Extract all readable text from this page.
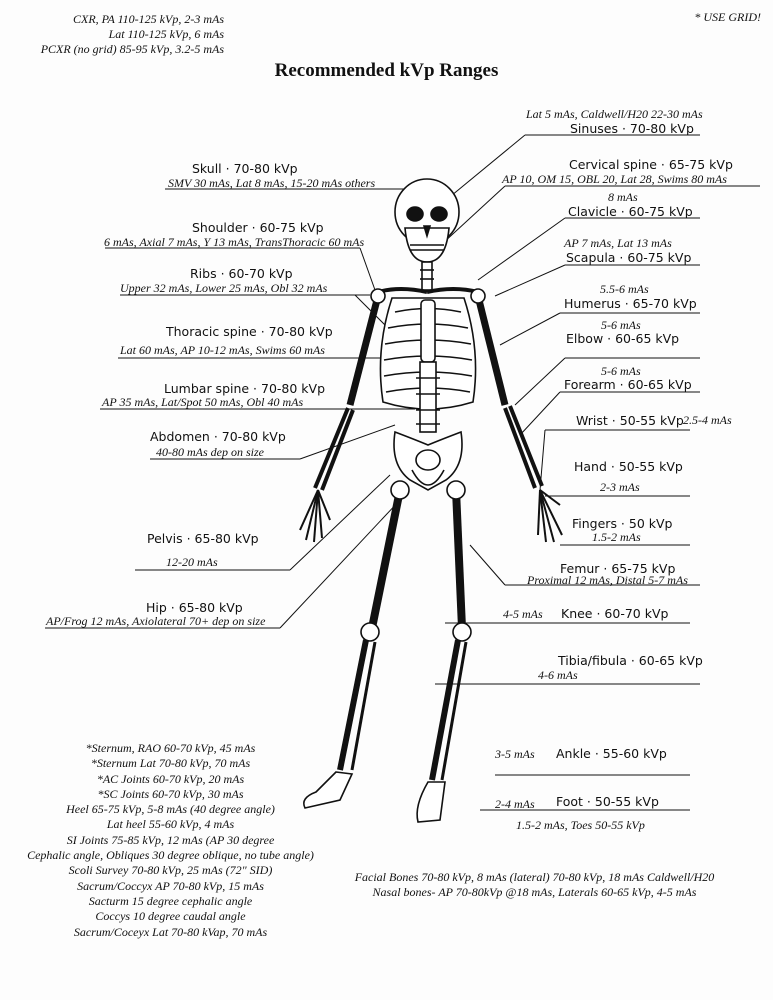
CXR, PA 110-125 kVp, 2-3 mAs
Lat 110-125 kVp, 6 mAs
PCXR (no grid) 85-95 kVp, 3.2-5 mAs
* USE GRID!
Recommended kVp Ranges
Skull · 70-80 kVp
SMV 30 mAs, Lat 8 mAs, 15-20 mAs others
Shoulder · 60-75 kVp
6 mAs, Axial 7 mAs, Y 13 mAs, TransThoracic 60 mAs
Ribs · 60-70 kVp
Upper 32 mAs, Lower 25 mAs, Obl 32 mAs
Thoracic spine · 70-80 kVp
Lat 60 mAs, AP 10-12 mAs, Swims 60 mAs
Lumbar spine · 70-80 kVp
AP 35 mAs, Lat/Spot 50 mAs, Obl 40 mAs
Abdomen · 70-80 kVp
40-80 mAs dep on size
Pelvis · 65-80 kVp
12-20 mAs
Hip · 65-80 kVp
AP/Frog 12 mAs, Axiolateral 70+ dep on size
Lat 5 mAs, Caldwell/H20 22-30 mAs
Sinuses · 70-80 kVp
Cervical spine · 65-75 kVp
AP 10, OM 15, OBL 20, Lat 28, Swims 80 mAs
8 mAs
Clavicle · 60-75 kVp
AP 7 mAs, Lat 13 mAs
Scapula · 60-75 kVp
5.5-6 mAs
Humerus · 65-70 kVp
5-6 mAs
Elbow · 60-65 kVp
5-6 mAs
Forearm · 60-65 kVp
Wrist · 50-55 kVp 2.5-4 mAs
Hand · 50-55 kVp
2-3 mAs
Fingers · 50 kVp
1.5-2 mAs
Femur · 65-75 kVp
Proximal 12 mAs, Distal 5-7 mAs
4-5 mAs Knee · 60-70 kVp
Tibia/fibula · 60-65 kVp
4-6 mAs
3-5 mAs Ankle · 55-60 kVp
2-4 mAs Foot · 50-55 kVp
1.5-2 mAs, Toes 50-55 kVp
*Sternum, RAO 60-70 kVp, 45 mAs
*Sternum Lat 70-80 kVp, 70 mAs
*AC Joints 60-70 kVp, 20 mAs
*SC Joints 60-70 kVp, 30 mAs
Heel 65-75 kVp, 5-8 mAs (40 degree angle)
Lat heel 55-60 kVp, 4 mAs
SI Joints 75-85 kVp, 12 mAs (AP 30 degree
Cephalic angle, Obliques 30 degree oblique, no tube angle)
Scoli Survey 70-80 kVp, 25 mAs (72" SID)
Sacrum/Coccyx AP 70-80 kVp, 15 mAs
Sacturm 15 degree cephalic angle
Coccys 10 degree caudal angle
Sacrum/Coceyx Lat 70-80 kVap, 70 mAs
Facial Bones 70-80 kVp, 8 mAs (lateral) 70-80 kVp, 18 mAs Caldwell/H20
Nasal bones- AP 70-80kVp @18 mAs, Laterals 60-65 kVp, 4-5 mAs
